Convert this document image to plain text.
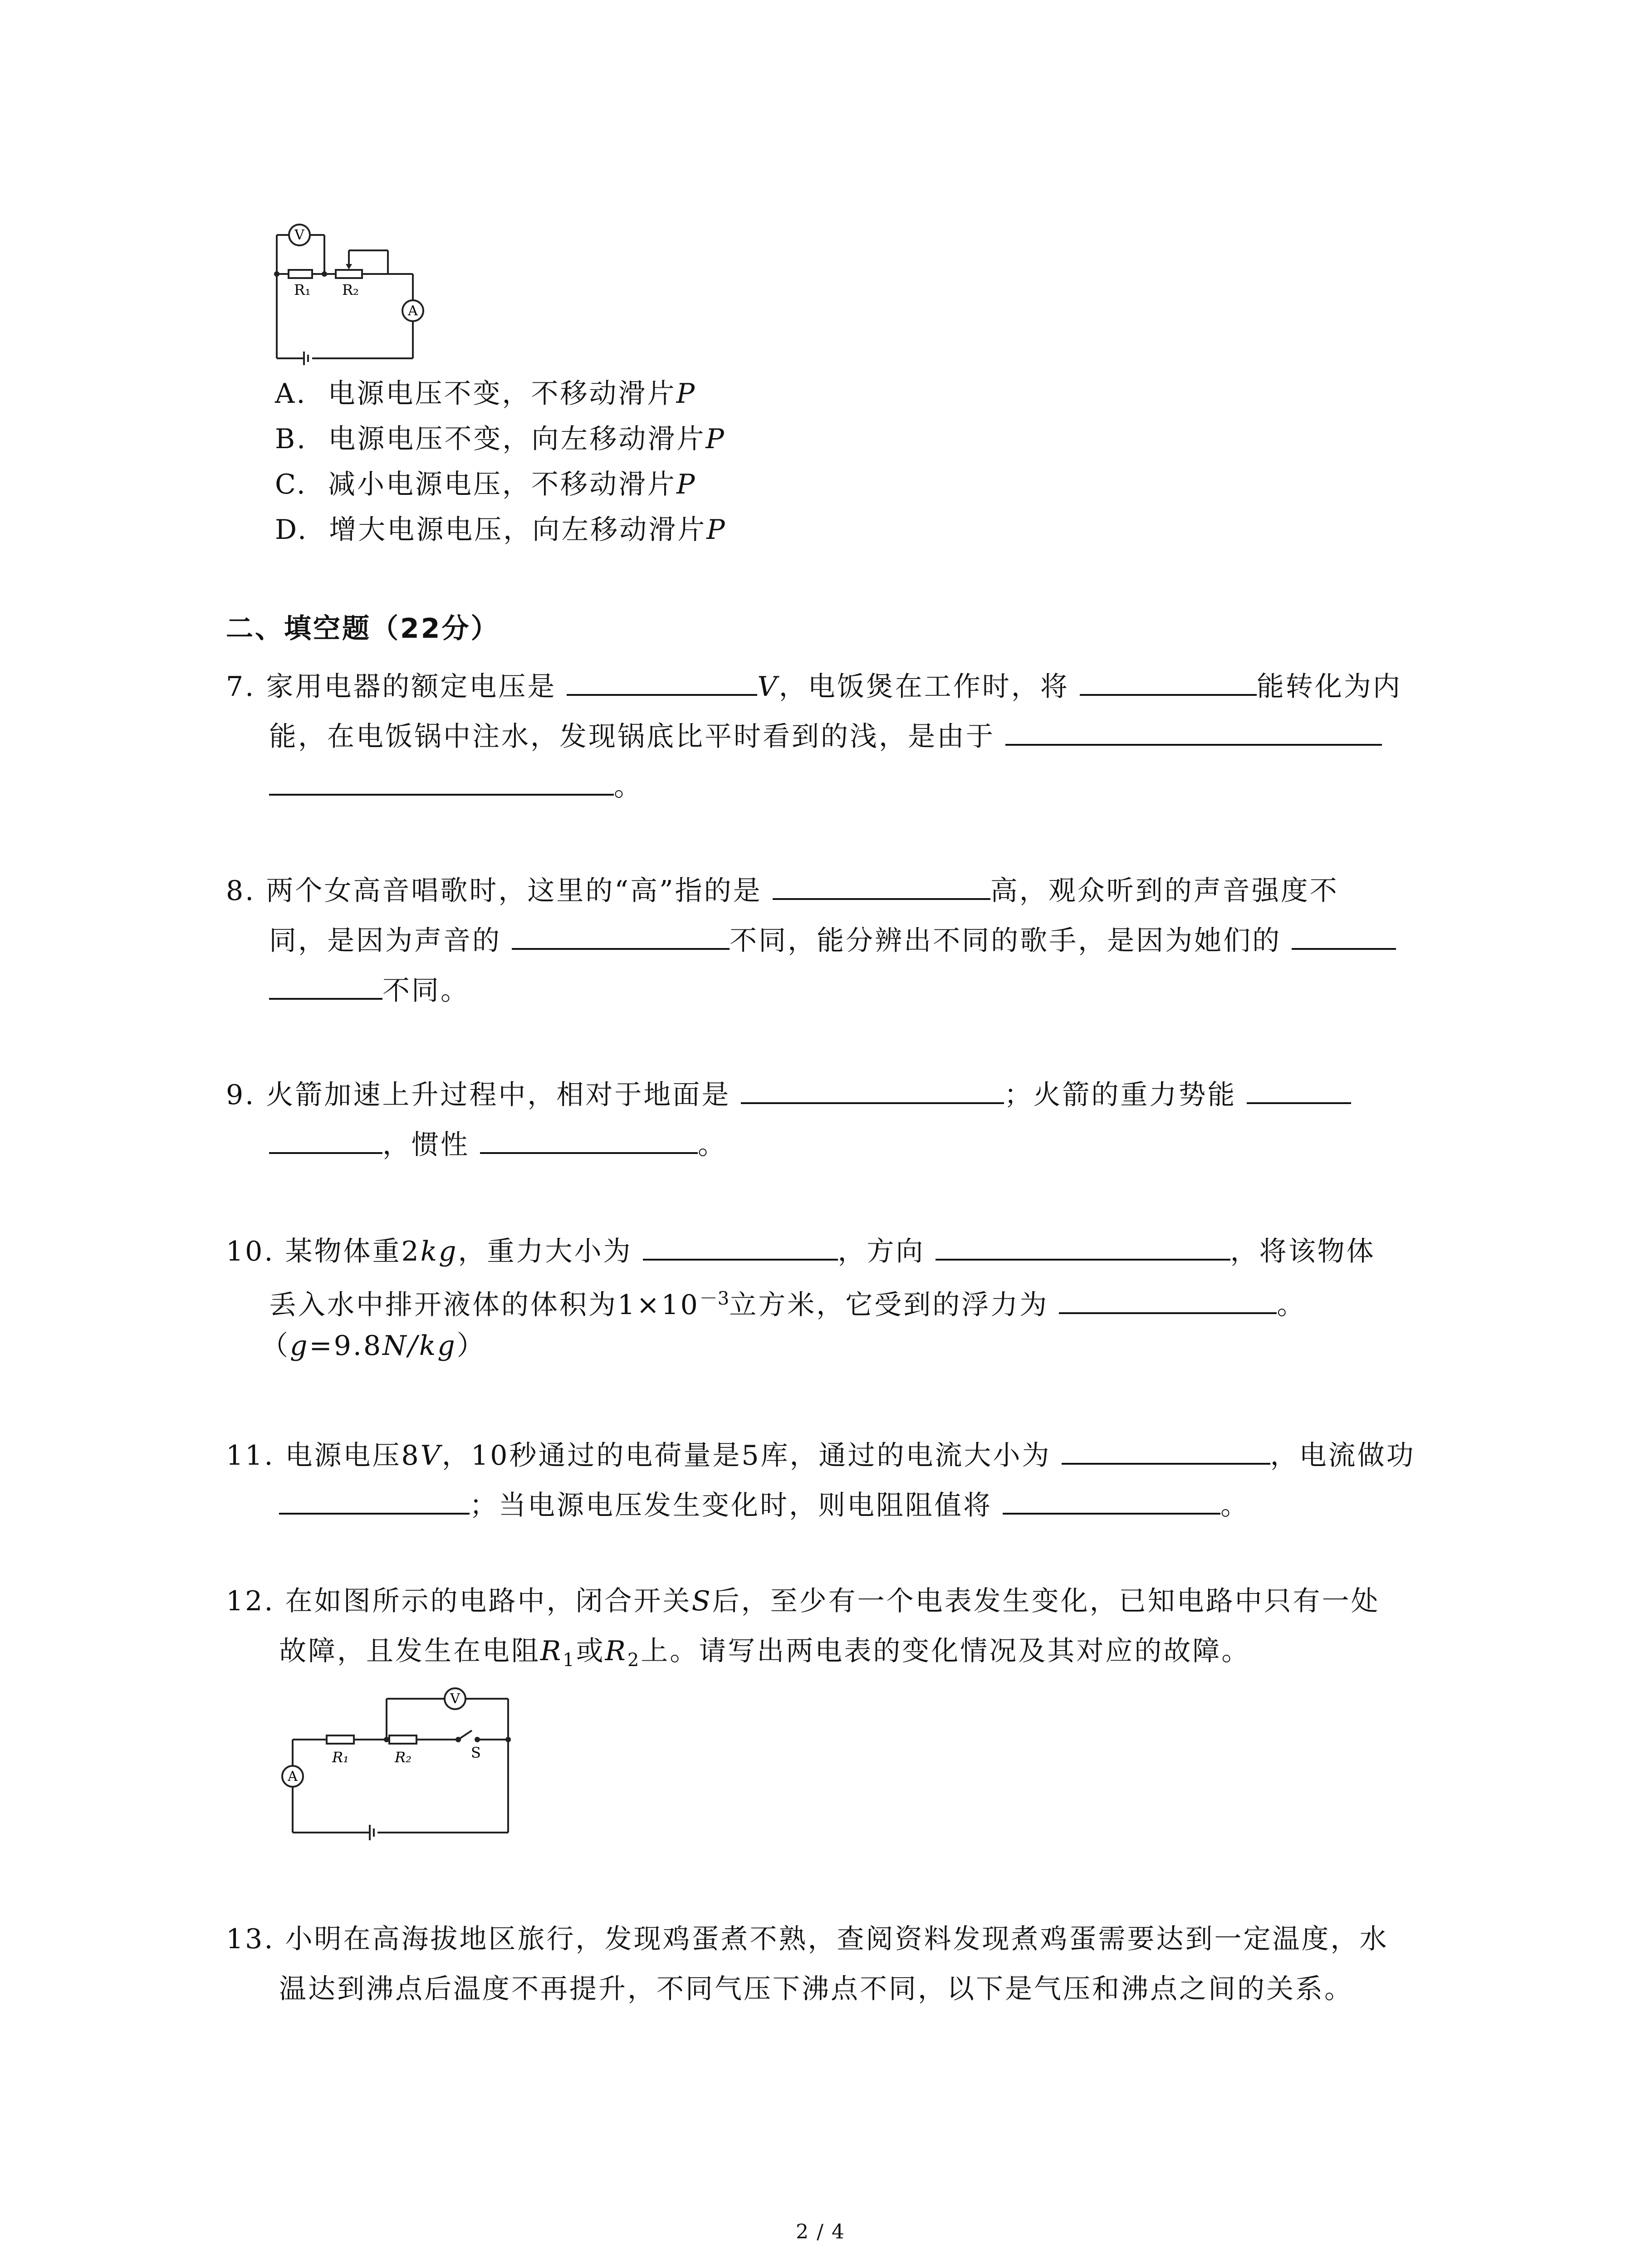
V
A
R₁ R₂
A. 电源电压不变，不移动滑片P
B. 电源电压不变，向左移动滑片P
C. 减小电源电压，不移动滑片P
D. 增大电源电压，向左移动滑片P
二、填空题（22分）
7. 家用电器的额定电压是	V，电饭煲在工作时，将	能转化为内
能，在电饭锅中注水，发现锅底比平时看到的浅，是由于
。
8. 两个女高音唱歌时，这里的“高”指的是	高，观众听到的声音强度不
同，是因为声音的	不同，能分辨出不同的歌手，是因为她们的
不同。
9. 火箭加速上升过程中，相对于地面是	；火箭的重力势能
，惯性	。
10. 某物体重2kg，重力大小为	，方向	，将该物体
丢入水中排开液体的体积为$1\times 10^{-3}$立方米，它受到的浮力为	。
（g=9.8N/kg）
11. 电源电压8V，10秒通过的电荷量是5库，通过的电流大小为	，电流做功
；当电源电压发生变化时，则电阻阻值将	。
12. 在如图所示的电路中，闭合开关S后，至少有一个电表发生变化，已知电路中只有一处
故障，且发生在电阻$R_1$或$R_2$上。请写出两电表的变化情况及其对应的故障。
V
A
R₁	R₂	S
13. 小明在高海拔地区旅行，发现鸡蛋煮不熟，查阅资料发现煮鸡蛋需要达到一定温度，水
温达到沸点后温度不再提升，不同气压下沸点不同，以下是气压和沸点之间的关系。
2 / 4
